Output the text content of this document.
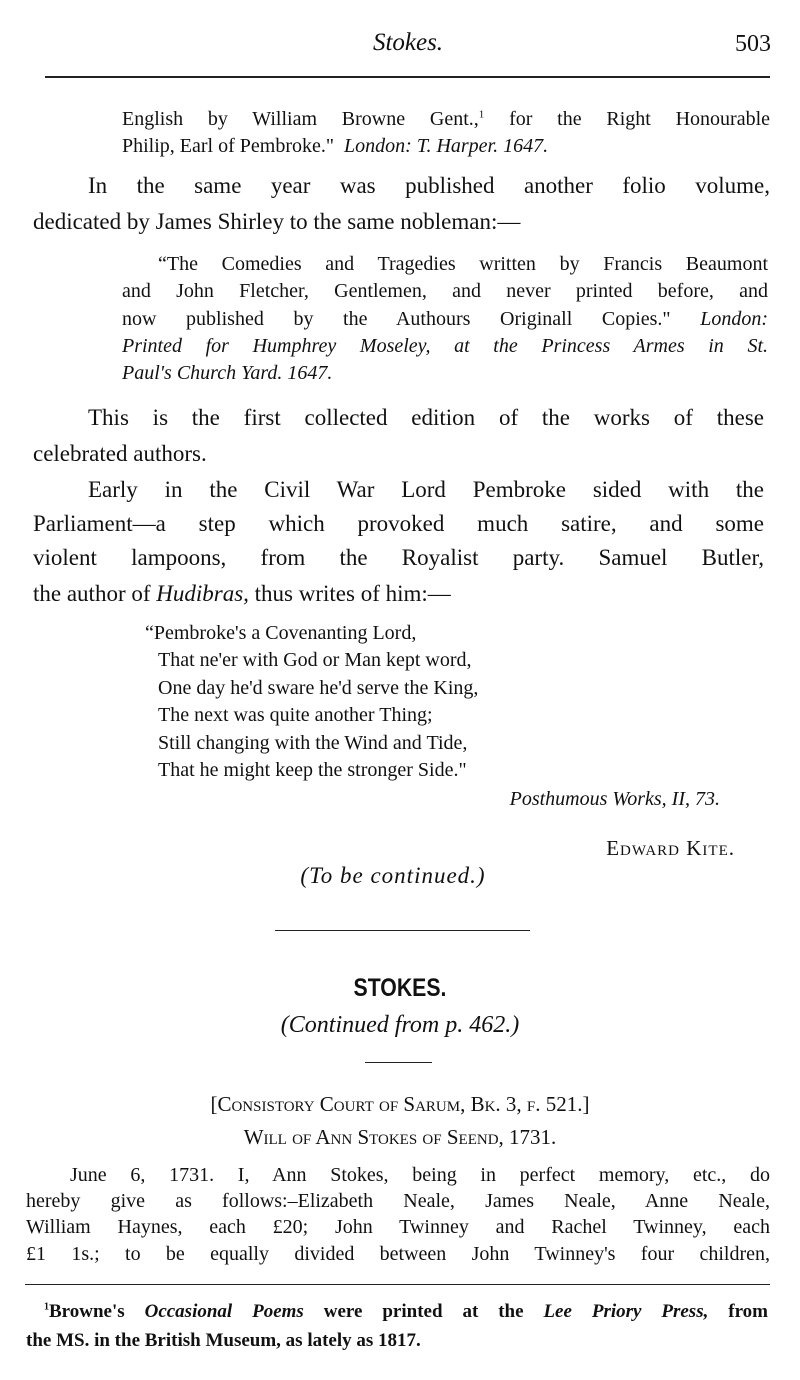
Stokes.	503
English by William Browne Gent.,$^1$ for the Right Honourable
Philip, Earl of Pembroke." London: T. Harper. 1647.
In the same year was published another folio volume,
dedicated by James Shirley to the same nobleman:—
“The Comedies and Tragedies written by Francis Beaumont
and John Fletcher, Gentlemen, and never printed before, and
now published by the Authours Originall Copies." London:
Printed for Humphrey Moseley, at the Princess Armes in St.
Paul's Church Yard. 1647.
This is the first collected edition of the works of these
celebrated authors.
Early in the Civil War Lord Pembroke sided with the
Parliament—a step which provoked much satire, and some
violent lampoons, from the Royalist party. Samuel Butler,
the author of Hudibras, thus writes of him:—
“Pembroke's a Covenanting Lord,
That ne'er with God or Man kept word,
One day he'd sware he'd serve the King,
The next was quite another Thing;
Still changing with the Wind and Tide,
That he might keep the stronger Side."
Posthumous Works, II, 73.
Edward Kite.
(To be continued.)
STOKES.
(Continued from p. 462.)
[Consistory Court of Sarum, Bk. 3, f. 521.]
Will of Ann Stokes of Seend, 1731.
June 6, 1731. I, Ann Stokes, being in perfect memory, etc., do
hereby give as follows:–Elizabeth Neale, James Neale, Anne Neale,
William Haynes, each £20; John Twinney and Rachel Twinney, each
£1 1s.; to be equally divided between John Twinney's four children,
$^1$Browne's Occasional Poems were printed at the Lee Priory Press, from
the MS. in the British Museum, as lately as 1817.
